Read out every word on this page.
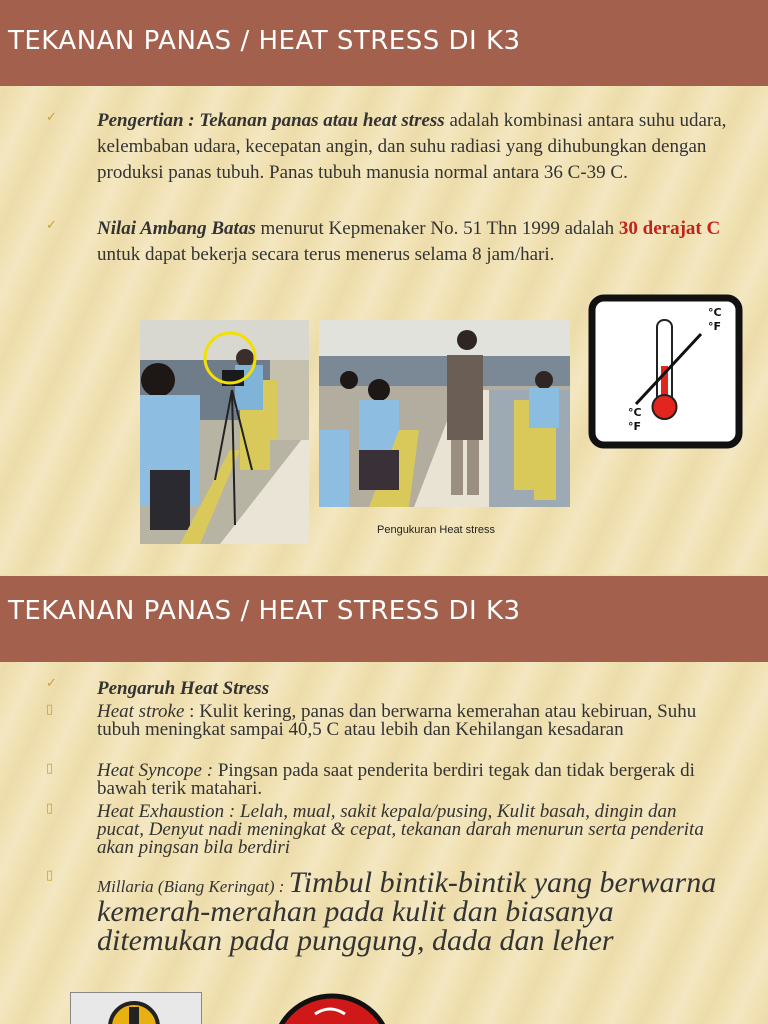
TEKANAN PANAS / HEAT STRESS DI K3
✓ Pengertian : Tekanan panas atau heat stress adalah kombinasi antara suhu udara, kelembaban udara, kecepatan angin, dan suhu radiasi yang dihubungkan dengan produksi panas tubuh. Panas tubuh manusia normal antara 36 C-39 C.
✓ Nilai Ambang Batas menurut Kepmenaker No. 51 Thn 1999 adalah 30 derajat C untuk dapat bekerja secara terus menerus selama 8 jam/hari.
Pengukuran Heat stress
°C
°F
°C
°F
TEKANAN PANAS / HEAT STRESS DI K3
✓ Pengaruh Heat Stress
▯ Heat stroke : Kulit kering, panas dan berwarna kemerahan atau kebiruan, Suhu tubuh meningkat sampai 40,5 C atau lebih dan Kehilangan kesadaran
▯ Heat Syncope : Pingsan pada saat penderita berdiri tegak dan tidak bergerak di bawah terik matahari.
▯ Heat Exhaustion : Lelah, mual, sakit kepala/pusing, Kulit basah, dingin dan pucat, Denyut nadi meningkat & cepat, tekanan darah menurun serta penderita akan pingsan bila berdiri
▯
Millaria (Biang Keringat) : Timbul bintik-bintik yang berwarna kemerah-merahan pada kulit dan biasanya ditemukan pada punggung, dada dan leher
